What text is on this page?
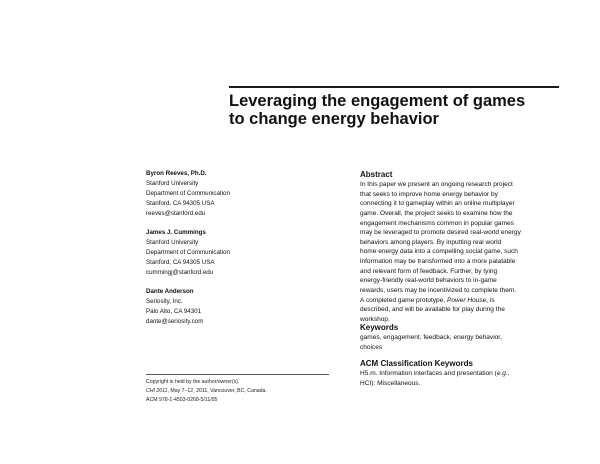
Leveraging the engagement of games
to change energy behavior
Byron Reeves, Ph.D.
Stanford University
Department of Communication
Stanford, CA 94305 USA
reeves@stanford.edu
James J. Cummings
Stanford University
Department of Communication
Stanford, CA 94305 USA
cummingj@stanford.edu
Dante Anderson
Seriosity, Inc.
Palo Alto, CA 94301
dante@seriosity.com
Copyright is held by the author/owner(s).
CHI 2011, May 7–12, 2011, Vancouver, BC, Canada.
ACM 978-1-4503-0268-5/11/05
Abstract
In this paper we present an ongoing research project
that seeks to improve home energy behavior by
connecting it to gameplay within an online multiplayer
game. Overall, the project seeks to examine how the
engagement mechanisms common in popular games
may be leveraged to promote desired real-world energy
behaviors among players. By inputting real world
home energy data into a compelling social game, such
information may be transformed into a more palatable
and relevant form of feedback. Further, by tying
energy-friendly real-world behaviors to in-game
rewards, users may be incentivized to complete them.
A completed game prototype, Power House, is
described, and will be available for play during the
workshop.
Keywords
games, engagement, feedback, energy behavior,
choices
ACM Classification Keywords
H5.m. Information interfaces and presentation (e.g.,
HCI): Miscellaneous.
